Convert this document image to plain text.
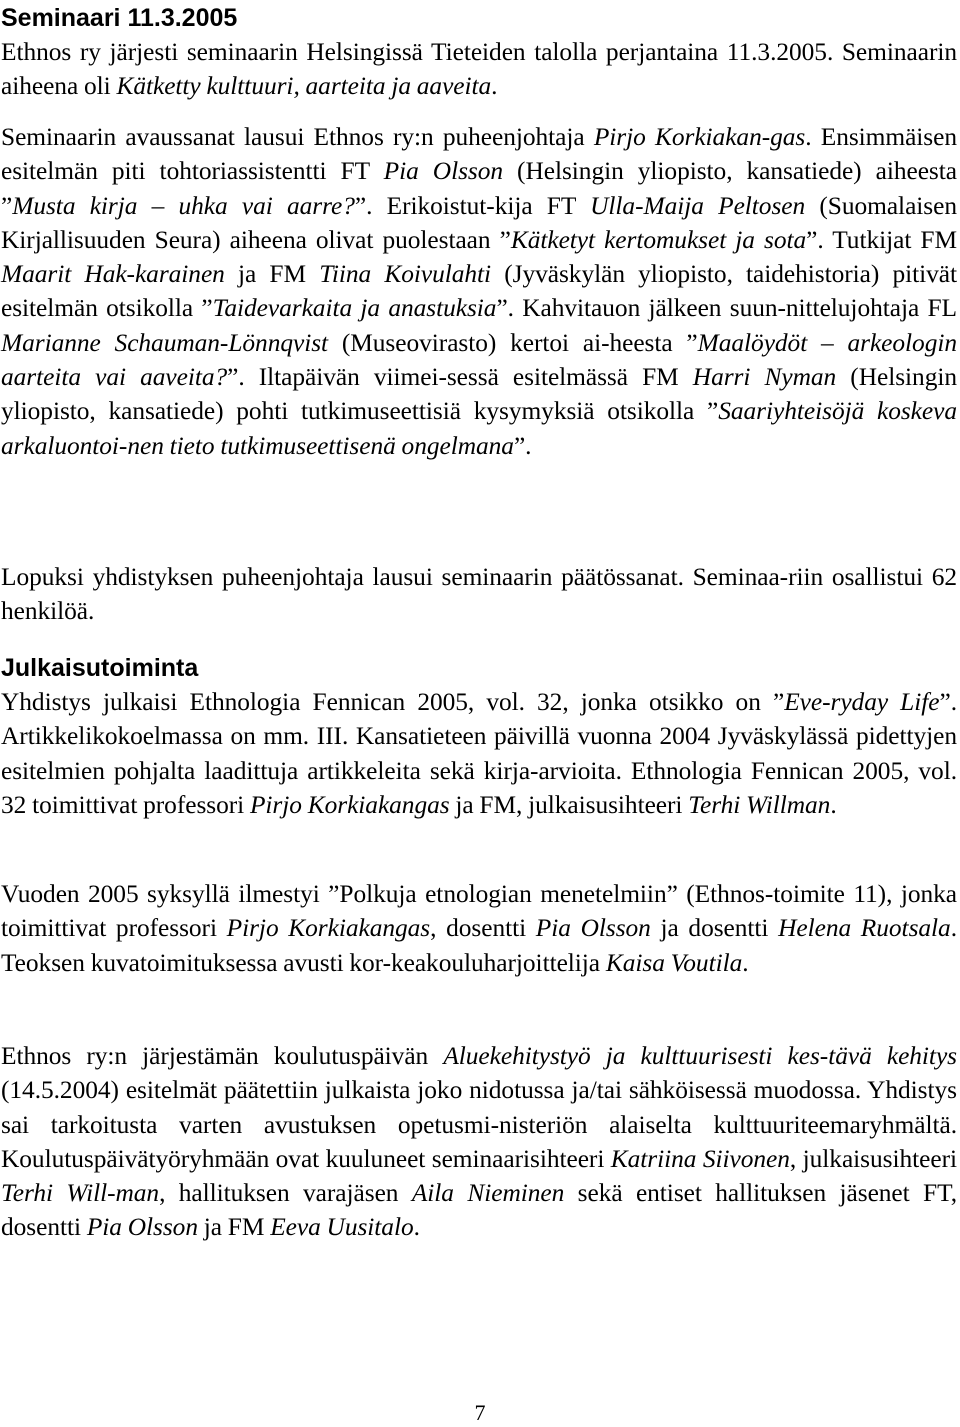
Seminaari 11.3.2005

Ethnos ry järjesti seminaarin Helsingissä Tieteiden talolla perjantaina 11.3.2005. Seminaarin aiheena oli Kätketty kulttuuri, aarteita ja aaveita.

Seminaarin avaussanat lausui Ethnos ry:n puheenjohtaja Pirjo Korkiakan-gas. Ensimmäisen esitelmän piti tohtoriassistentti FT Pia Olsson (Helsingin yliopisto, kansatiede) aiheesta ”Musta kirja – uhka vai aarre?”. Erikoistut-kija FT Ulla-Maija Peltosen (Suomalaisen Kirjallisuuden Seura) aiheena olivat puolestaan ”Kätketyt kertomukset ja sota”. Tutkijat FM Maarit Hak-karainen ja FM Tiina Koivulahti (Jyväskylän yliopisto, taidehistoria) pitivät esitelmän otsikolla ”Taidevarkaita ja anastuksia”. Kahvitauon jälkeen suun-nittelujohtaja FL Marianne Schauman-Lönnqvist (Museovirasto) kertoi ai-heesta ”Maalöydöt – arkeologin aarteita vai aaveita?”. Iltapäivän viimei-sessä esitelmässä FM Harri Nyman (Helsingin yliopisto, kansatiede) pohti tutkimuseettisiä kysymyksiä otsikolla ”Saariyhteisöjä koskeva arkaluontoi-nen tieto tutkimuseettisenä ongelmana”.

Lopuksi yhdistyksen puheenjohtaja lausui seminaarin päätössanat. Seminaa-riin osallistui 62 henkilöä.

Julkaisutoiminta

Yhdistys julkaisi Ethnologia Fennican 2005, vol. 32, jonka otsikko on ”Eve-ryday Life”. Artikkelikokoelmassa on mm. III. Kansatieteen päivillä vuonna 2004 Jyväskylässä pidettyjen esitelmien pohjalta laadittuja artikkeleita sekä kirja-arvioita. Ethnologia Fennican 2005, vol. 32 toimittivat professori Pirjo Korkiakangas ja FM, julkaisusihteeri Terhi Willman.

Vuoden 2005 syksyllä ilmestyi ”Polkuja etnologian menetelmiin” (Ethnos-toimite 11), jonka toimittivat professori Pirjo Korkiakangas, dosentti Pia Olsson ja dosentti Helena Ruotsala. Teoksen kuvatoimituksessa avusti kor-keakouluharjoittelija Kaisa Voutila.

Ethnos ry:n järjestämän koulutuspäivän Aluekehitystyö ja kulttuurisesti kes-tävä kehitys (14.5.2004) esitelmät päätettiin julkaista joko nidotussa ja/tai sähköisessä muodossa. Yhdistys sai tarkoitusta varten avustuksen opetusmi-nisteriön alaiselta kulttuuriteemaryhmältä. Koulutuspäivätyöryhmään ovat kuuluneet seminaarisihteeri Katriina Siivonen, julkaisusihteeri Terhi Will-man, hallituksen varajäsen Aila Nieminen sekä entiset hallituksen jäsenet FT, dosentti Pia Olsson ja FM Eeva Uusitalo.

7
